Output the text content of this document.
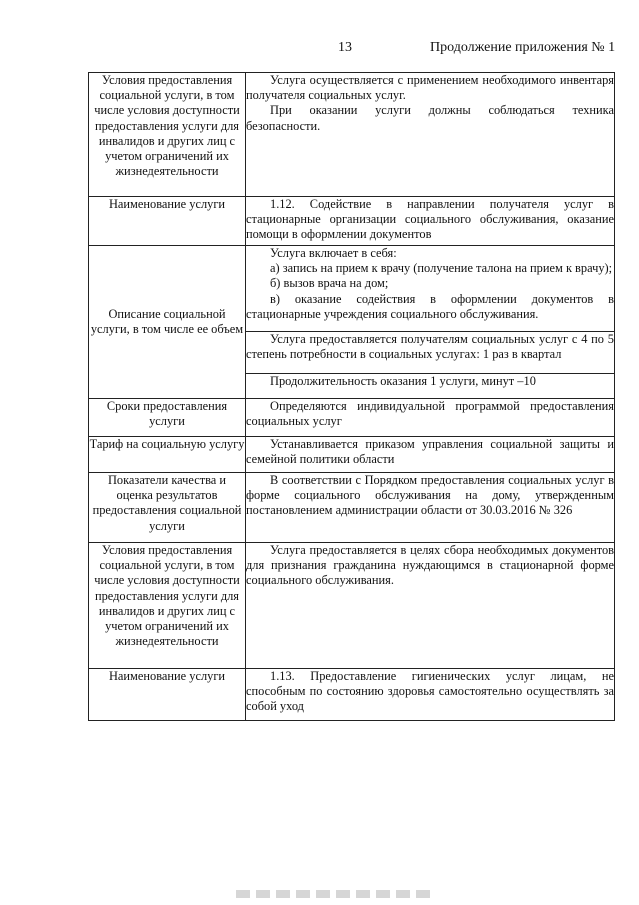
13	Продолжение приложения № 1
Условия предоставления социальной услуги, в том числе условия доступности предоставления услуги для инвалидов и других лиц с учетом ограничений их жизнедеятельности	Услуга осуществляется с применением необходимого инвентаря получателя социальных услуг.

При оказании услуги должны соблюдаться техника безопасности.

Наименование услуги	1.12. Содействие в направлении получателя услуг в стационарные организации социального обслуживания, оказание помощи в оформлении документов

Описание социальной услуги, в том числе ее объем	Услуга включает в себя:

а) запись на прием к врачу (получение талона на прием к врачу);

б) вызов врача на дом;

в) оказание содействия в оформлении документов в стационарные учреждения социального обслуживания.

	Услуга предоставляется получателям социальных услуг с 4 по 5 степень потребности в социальных услугах: 1 раз в квартал

	Продолжительность оказания 1 услуги, минут –10

Сроки предоставления услуги	Определяются индивидуальной программой предоставления социальных услуг

Тариф на социальную услугу	Устанавливается приказом управления социальной защиты и семейной политики области

Показатели качества и оценка результатов предоставления социальной услуги	В соответствии с Порядком предоставления социальных услуг в форме социального обслуживания на дому, утвержденным постановлением администрации области от 30.03.2016 № 326

Условия предоставления социальной услуги, в том числе условия доступности предоставления услуги для инвалидов и других лиц с учетом ограничений их жизнедеятельности	Услуга предоставляется в целях сбора необходимых документов для признания гражданина нуждающимся в стационарной форме социального обслуживания.

Наименование услуги	1.13. Предоставление гигиенических услуг лицам, не способным по состоянию здоровья самостоятельно осуществлять за собой уход
